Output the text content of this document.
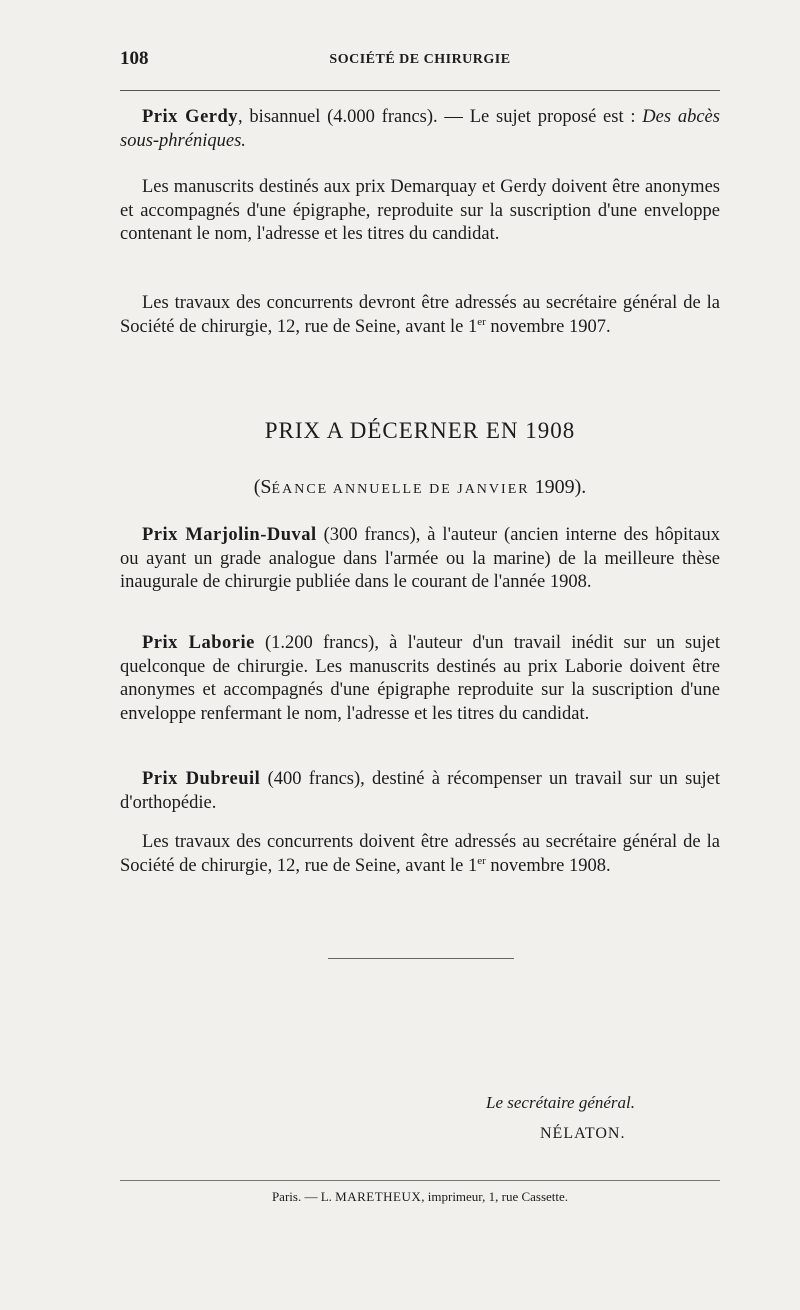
108	SOCIÉTÉ DE CHIRURGIE

Prix Gerdy, bisannuel (4.000 francs). — Le sujet proposé est : Des abcès sous-phréniques.

Les manuscrits destinés aux prix Demarquay et Gerdy doivent être anonymes et accompagnés d'une épigraphe, reproduite sur la suscription d'une enveloppe contenant le nom, l'adresse et les titres du candidat.

Les travaux des concurrents devront être adressés au secrétaire général de la Société de chirurgie, 12, rue de Seine, avant le 1er novembre 1907.

PRIX A DÉCERNER EN 1908
(SÉANCE ANNUELLE DE JANVIER 1909).

Prix Marjolin-Duval (300 francs), à l'auteur (ancien interne des hôpitaux ou ayant un grade analogue dans l'armée ou la marine) de la meilleure thèse inaugurale de chirurgie publiée dans le courant de l'année 1908.

Prix Laborie (1.200 francs), à l'auteur d'un travail inédit sur un sujet quelconque de chirurgie. Les manuscrits destinés au prix Laborie doivent être anonymes et accompagnés d'une épigraphe reproduite sur la suscription d'une enveloppe renfermant le nom, l'adresse et les titres du candidat.

Prix Dubreuil (400 francs), destiné à récompenser un travail sur un sujet d'orthopédie.

Les travaux des concurrents doivent être adressés au secrétaire général de la Société de chirurgie, 12, rue de Seine, avant le 1er novembre 1908.

Le secrétaire général.
NÉLATON.
Paris. — L. MARETHEUX, imprimeur, 1, rue Cassette.
